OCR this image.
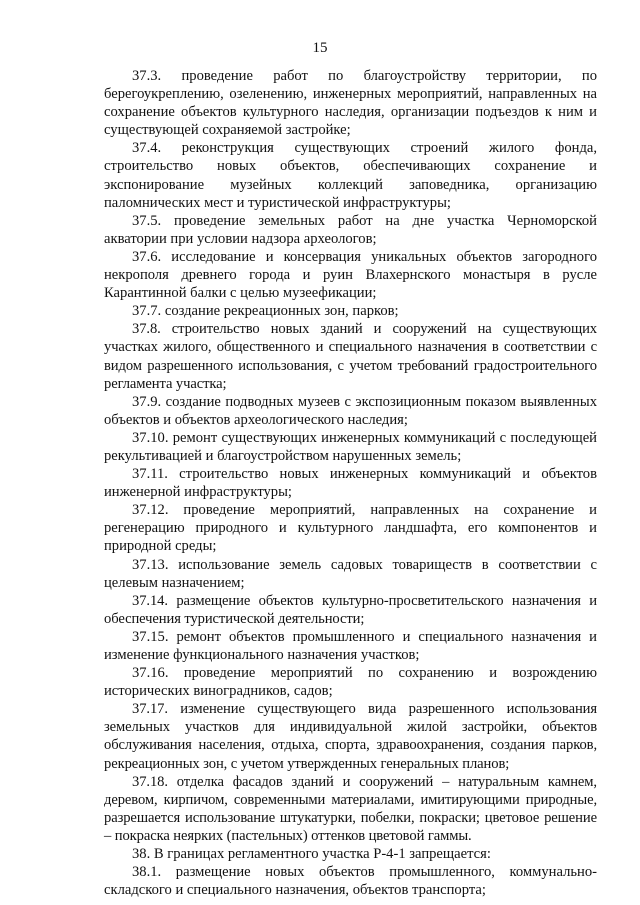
15

37.3. проведение работ по благоустройству территории, по берегоукреплению, озеленению, инженерных мероприятий, направленных на сохранение объектов культурного наследия, организации подъездов к ним и существующей сохраняемой застройке;

37.4. реконструкция существующих строений жилого фонда, строительство новых объектов, обеспечивающих сохранение и экспонирование музейных коллекций заповедника, организацию паломнических мест и туристической инфраструктуры;

37.5. проведение земельных работ на дне участка Черноморской акватории при условии надзора археологов;

37.6. исследование и консервация уникальных объектов загородного некрополя древнего города и руин Влахернского монастыря в русле Карантинной балки с целью музеефикации;

37.7. создание рекреационных зон, парков;

37.8. строительство новых зданий и сооружений на существующих участках жилого, общественного и специального назначения в соответствии с видом разрешенного использования, с учетом требований градостроительного регламента участка;

37.9. создание подводных музеев с экспозиционным показом выявленных объектов и объектов археологического наследия;

37.10. ремонт существующих инженерных коммуникаций с последующей рекультивацией и благоустройством нарушенных земель;

37.11. строительство новых инженерных коммуникаций и объектов инженерной инфраструктуры;

37.12. проведение мероприятий, направленных на сохранение и регенерацию природного и культурного ландшафта, его компонентов и природной среды;

37.13. использование земель садовых товариществ в соответствии с целевым назначением;

37.14. размещение объектов культурно-просветительского назначения и обеспечения туристической деятельности;

37.15. ремонт объектов промышленного и специального назначения и изменение функционального назначения участков;

37.16. проведение мероприятий по сохранению и возрождению исторических виноградников, садов;

37.17. изменение существующего вида разрешенного использования земельных участков для индивидуальной жилой застройки, объектов обслуживания населения, отдыха, спорта, здравоохранения, создания парков, рекреационных зон, с учетом утвержденных генеральных планов;

37.18. отделка фасадов зданий и сооружений – натуральным камнем, деревом, кирпичом, современными материалами, имитирующими природные, разрешается использование штукатурки, побелки, покраски; цветовое решение – покраска неярких (пастельных) оттенков цветовой гаммы.

38. В границах регламентного участка Р-4-1 запрещается:

38.1. размещение новых объектов промышленного, коммунально-складского и специального назначения, объектов транспорта;
